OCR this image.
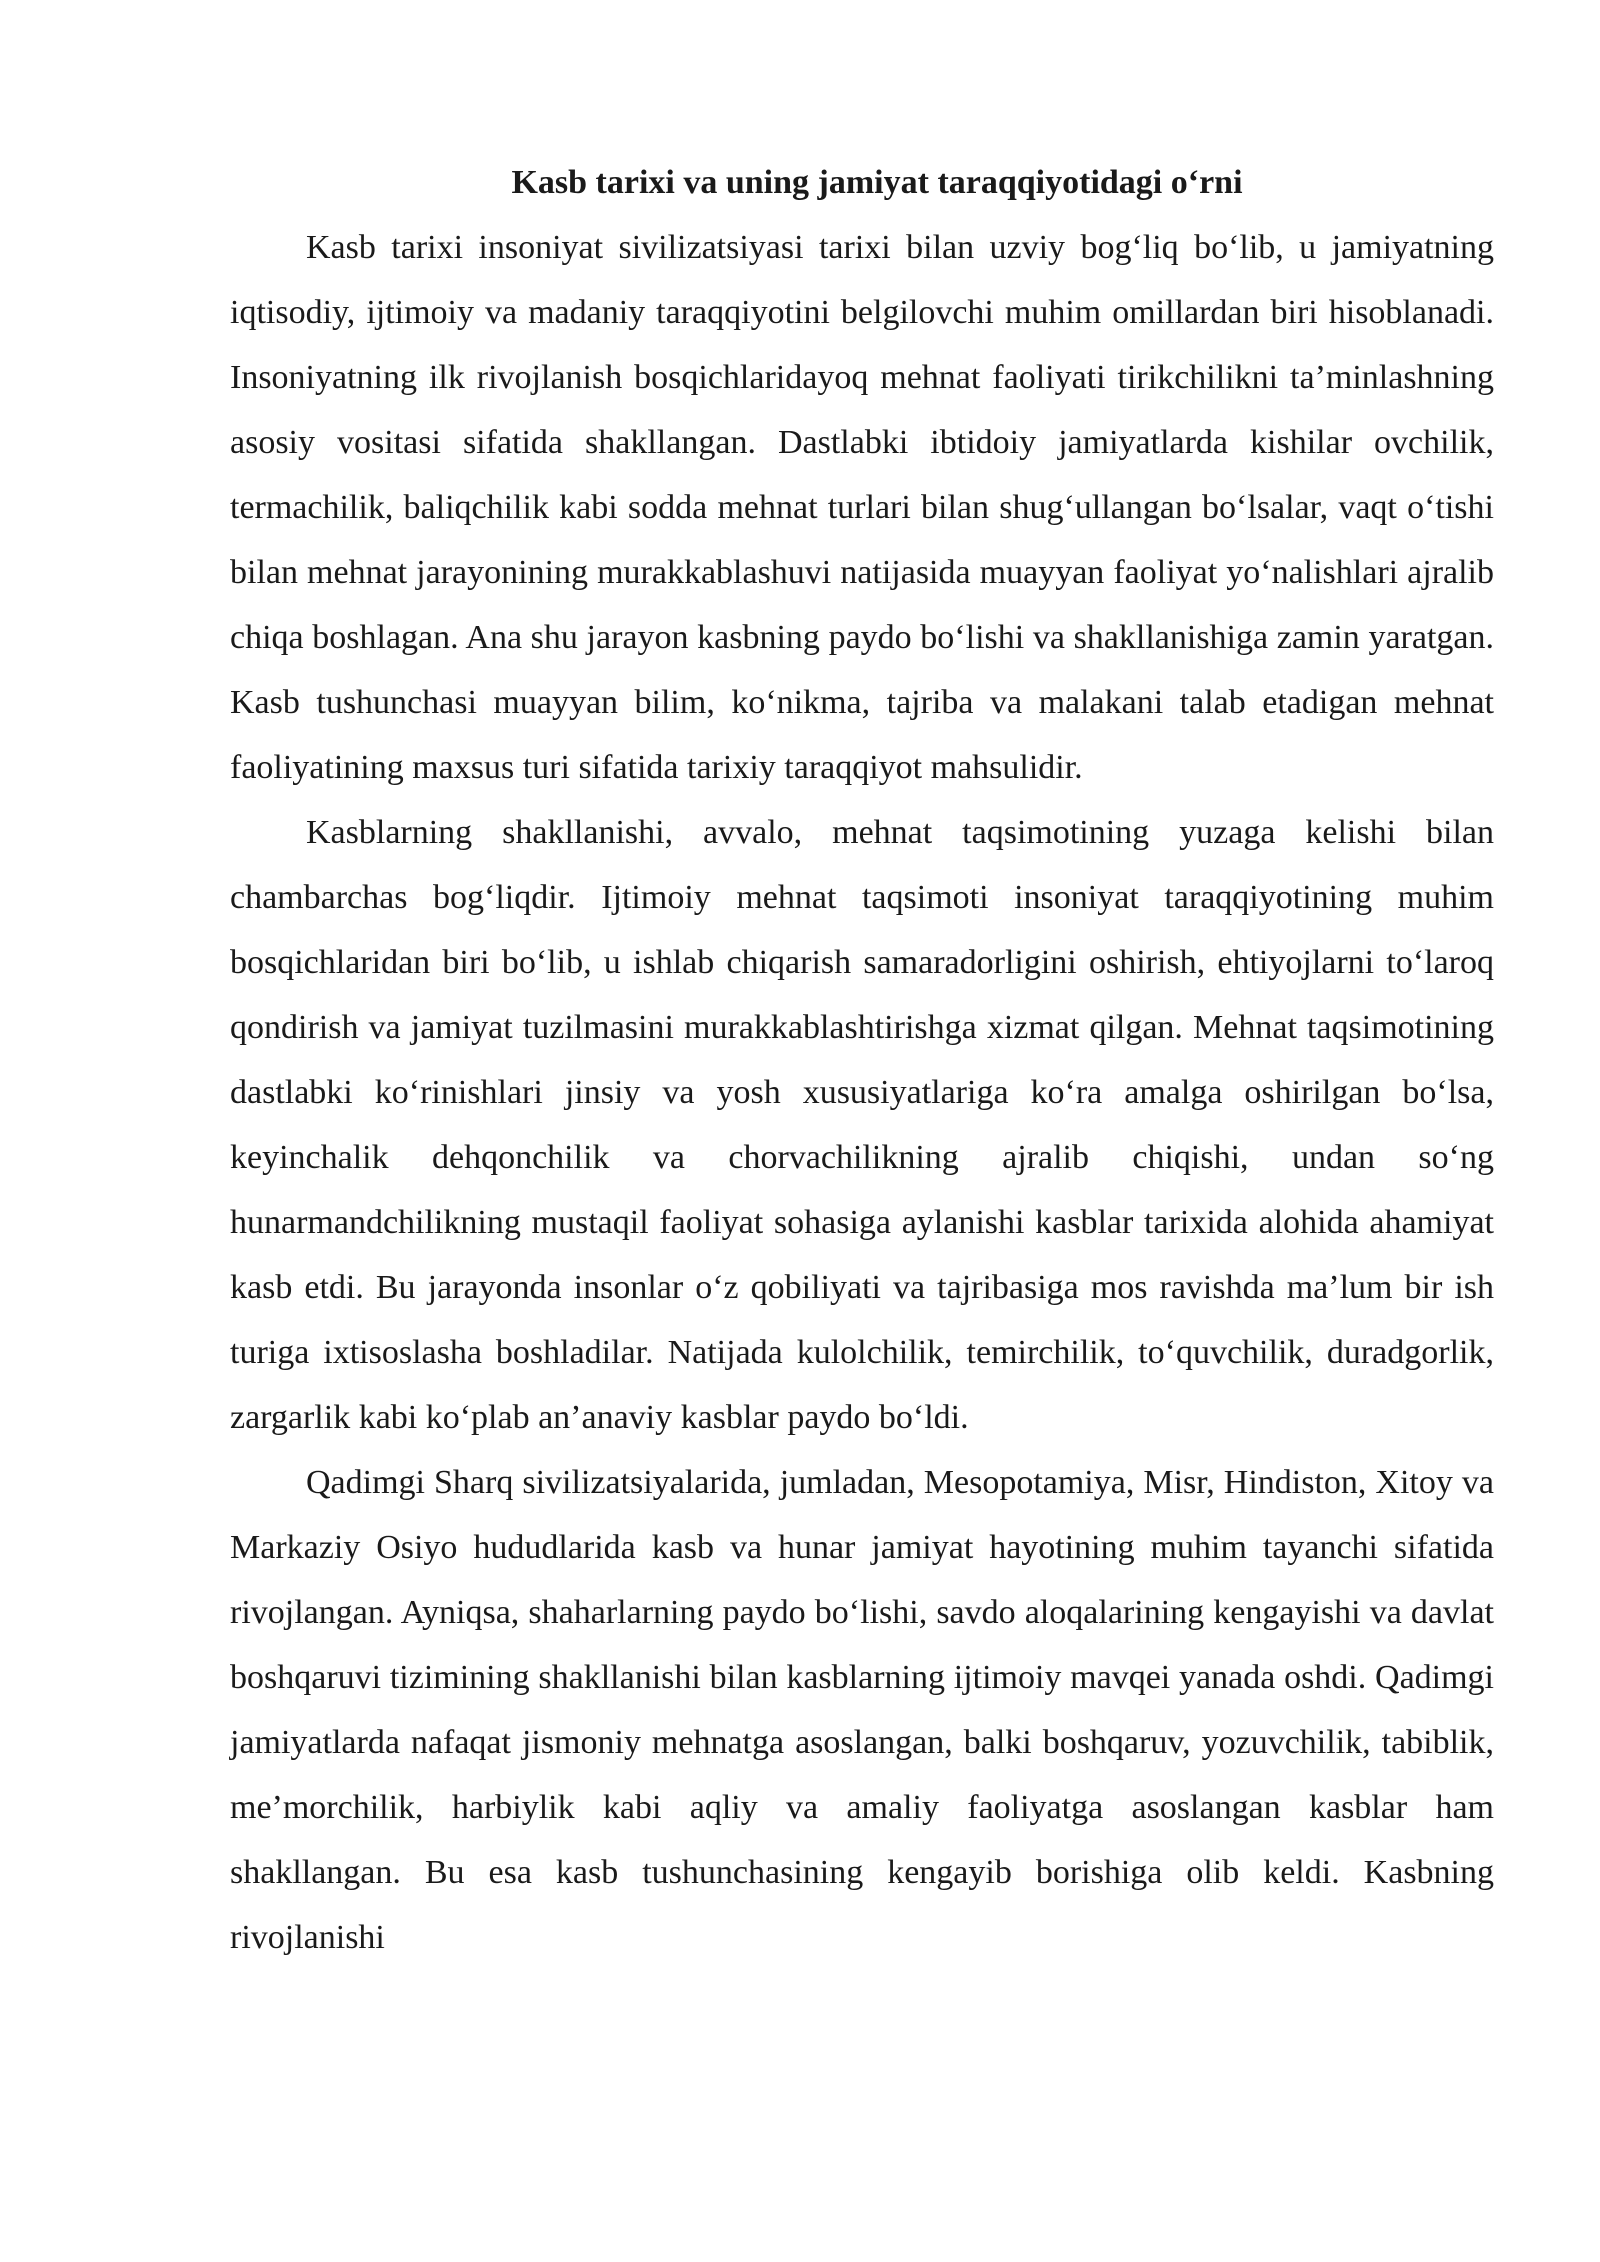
Kasb tarixi va uning jamiyat taraqqiyotidagi o‘rni

Kasb tarixi insoniyat sivilizatsiyasi tarixi bilan uzviy bog‘liq bo‘lib, u jamiyatning iqtisodiy, ijtimoiy va madaniy taraqqiyotini belgilovchi muhim omillardan biri hisoblanadi. Insoniyatning ilk rivojlanish bosqichlaridayoq mehnat faoliyati tirikchilikni ta’minlashning asosiy vositasi sifatida shakllangan. Dastlabki ibtidoiy jamiyatlarda kishilar ovchilik, termachilik, baliqchilik kabi sodda mehnat turlari bilan shug‘ullangan bo‘lsalar, vaqt o‘tishi bilan mehnat jarayonining murakkablashuvi natijasida muayyan faoliyat yo‘nalishlari ajralib chiqa boshlagan. Ana shu jarayon kasbning paydo bo‘lishi va shakllanishiga zamin yaratgan. Kasb tushunchasi muayyan bilim, ko‘nikma, tajriba va malakani talab etadigan mehnat faoliyatining maxsus turi sifatida tarixiy taraqqiyot mahsulidir.

Kasblarning shakllanishi, avvalo, mehnat taqsimotining yuzaga kelishi bilan chambarchas bog‘liqdir. Ijtimoiy mehnat taqsimoti insoniyat taraqqiyotining muhim bosqichlaridan biri bo‘lib, u ishlab chiqarish samaradorligini oshirish, ehtiyojlarni to‘laroq qondirish va jamiyat tuzilmasini murakkablashtirishga xizmat qilgan. Mehnat taqsimotining dastlabki ko‘rinishlari jinsiy va yosh xususiyatlariga ko‘ra amalga oshirilgan bo‘lsa, keyinchalik dehqonchilik va chorvachilikning ajralib chiqishi, undan so‘ng hunarmandchilikning mustaqil faoliyat sohasiga aylanishi kasblar tarixida alohida ahamiyat kasb etdi. Bu jarayonda insonlar o‘z qobiliyati va tajribasiga mos ravishda ma’lum bir ish turiga ixtisoslasha boshladilar. Natijada kulolchilik, temirchilik, to‘quvchilik, duradgorlik, zargarlik kabi ko‘plab an’anaviy kasblar paydo bo‘ldi.

Qadimgi Sharq sivilizatsiyalarida, jumladan, Mesopotamiya, Misr, Hindiston, Xitoy va Markaziy Osiyo hududlarida kasb va hunar jamiyat hayotining muhim tayanchi sifatida rivojlangan. Ayniqsa, shaharlarning paydo bo‘lishi, savdo aloqalarining kengayishi va davlat boshqaruvi tizimining shakllanishi bilan kasblarning ijtimoiy mavqei yanada oshdi. Qadimgi jamiyatlarda nafaqat jismoniy mehnatga asoslangan, balki boshqaruv, yozuvchilik, tabiblik, me’morchilik, harbiylik kabi aqliy va amaliy faoliyatga asoslangan kasblar ham shakllangan. Bu esa kasb tushunchasining kengayib borishiga olib keldi. Kasbning rivojlanishi
